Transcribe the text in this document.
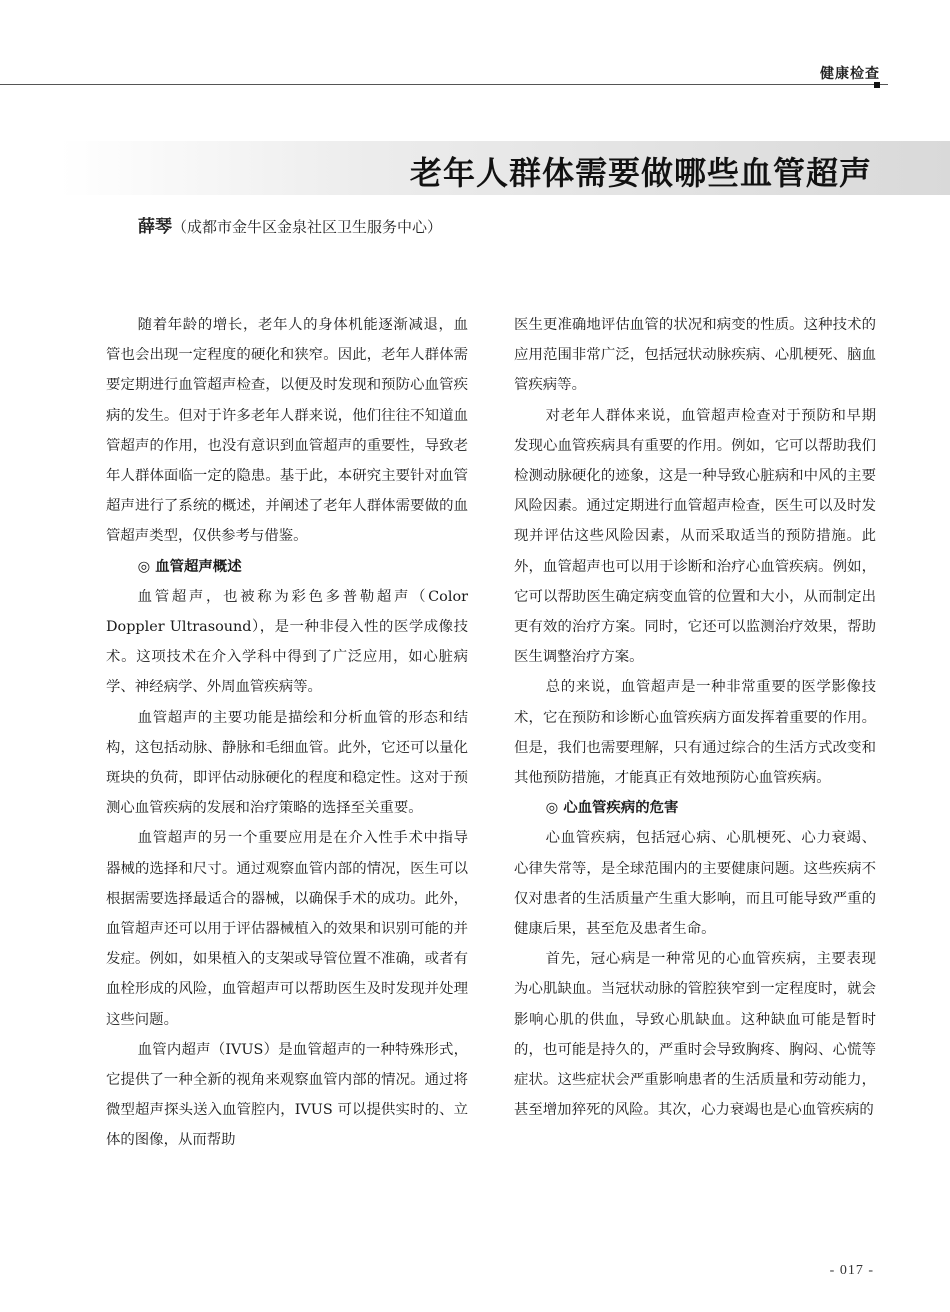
健康检查
老年人群体需要做哪些血管超声
薛琴（成都市金牛区金泉社区卫生服务中心）

随着年龄的增长，老年人的身体机能逐渐减退，血管也会出现一定程度的硬化和狭窄。因此，老年人群体需要定期进行血管超声检查，以便及时发现和预防心血管疾病的发生。但对于许多老年人群来说，他们往往不知道血管超声的作用，也没有意识到血管超声的重要性，导致老年人群体面临一定的隐患。基于此，本研究主要针对血管超声进行了系统的概述，并阐述了老年人群体需要做的血管超声类型，仅供参考与借鉴。

◎ 血管超声概述

血管超声，也被称为彩色多普勒超声（Color Doppler Ultrasound），是一种非侵入性的医学成像技术。这项技术在介入学科中得到了广泛应用，如心脏病学、神经病学、外周血管疾病等。

血管超声的主要功能是描绘和分析血管的形态和结构，这包括动脉、静脉和毛细血管。此外，它还可以量化斑块的负荷，即评估动脉硬化的程度和稳定性。这对于预测心血管疾病的发展和治疗策略的选择至关重要。

血管超声的另一个重要应用是在介入性手术中指导器械的选择和尺寸。通过观察血管内部的情况，医生可以根据需要选择最适合的器械，以确保手术的成功。此外，血管超声还可以用于评估器械植入的效果和识别可能的并发症。例如，如果植入的支架或导管位置不准确，或者有血栓形成的风险，血管超声可以帮助医生及时发现并处理这些问题。

血管内超声（IVUS）是血管超声的一种特殊形式，它提供了一种全新的视角来观察血管内部的情况。通过将微型超声探头送入血管腔内，IVUS 可以提供实时的、立体的图像，从而帮助

医生更准确地评估血管的状况和病变的性质。这种技术的应用范围非常广泛，包括冠状动脉疾病、心肌梗死、脑血管疾病等。

对老年人群体来说，血管超声检查对于预防和早期发现心血管疾病具有重要的作用。例如，它可以帮助我们检测动脉硬化的迹象，这是一种导致心脏病和中风的主要风险因素。通过定期进行血管超声检查，医生可以及时发现并评估这些风险因素，从而采取适当的预防措施。此外，血管超声也可以用于诊断和治疗心血管疾病。例如，它可以帮助医生确定病变血管的位置和大小，从而制定出更有效的治疗方案。同时，它还可以监测治疗效果，帮助医生调整治疗方案。

总的来说，血管超声是一种非常重要的医学影像技术，它在预防和诊断心血管疾病方面发挥着重要的作用。但是，我们也需要理解，只有通过综合的生活方式改变和其他预防措施，才能真正有效地预防心血管疾病。

◎ 心血管疾病的危害

心血管疾病，包括冠心病、心肌梗死、心力衰竭、心律失常等，是全球范围内的主要健康问题。这些疾病不仅对患者的生活质量产生重大影响，而且可能导致严重的健康后果，甚至危及患者生命。

首先，冠心病是一种常见的心血管疾病，主要表现为心肌缺血。当冠状动脉的管腔狭窄到一定程度时，就会影响心肌的供血，导致心肌缺血。这种缺血可能是暂时的，也可能是持久的，严重时会导致胸疼、胸闷、心慌等症状。这些症状会严重影响患者的生活质量和劳动能力，甚至增加猝死的风险。其次，心力衰竭也是心血管疾病的

- 017 -
